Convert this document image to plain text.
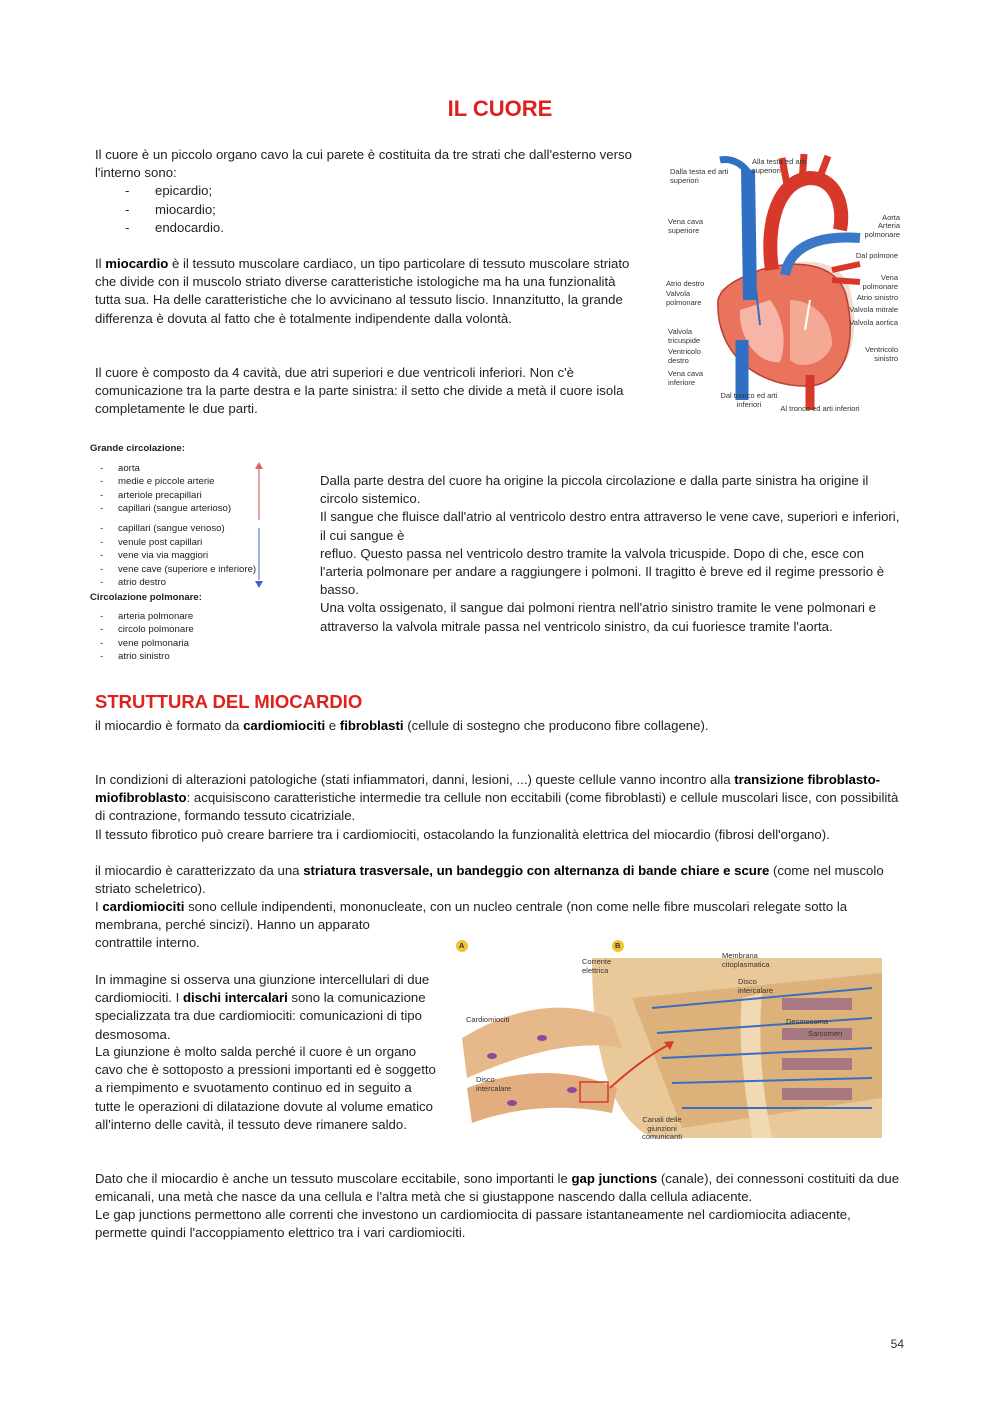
IL CUORE
Il cuore è un piccolo organo cavo la cui parete è costituita da tre strati che dall'esterno verso l'interno sono:
- epicardio;
- miocardio;
- endocardio.
Il miocardio è il tessuto muscolare cardiaco, un tipo particolare di tessuto muscolare striato che divide con il muscolo striato diverse caratteristiche istologiche ma ha una funzionalità tutta sua. Ha delle caratteristiche che lo avvicinano al tessuto liscio. Innanzitutto, la grande differenza è dovuta al fatto che è totalmente indipendente dalla volontà.
Il cuore è composto da 4 cavità, due atri superiori e due ventricoli inferiori. Non c'è comunicazione tra la parte destra e la parte sinistra: il setto che divide a metà il cuore isola completamente le due parti.
Dalla testa ed arti superiori
Alla testa ed arti superiori
Vena cava superiore
Aorta
Arteria polmonare
Dal polmone
Vena polmonare
Atrio destro
Atrio sinistro
Valvola polmonare
Valvola mitrale
Valvola aortica
Valvola tricuspide
Ventricolo destro
Ventricolo sinistro
Vena cava inferiore
Dal tronco ed arti inferiori	Al tronco ed arti inferiori
Grande circolazione:
- aorta
- medie e piccole arterie
- arteriole precapillari
- capillari (sangue arterioso)
- capillari (sangue venoso)
- venule post capillari
- vene via via maggiori
- vene cave (superiore e inferiore)
- atrio destro
Circolazione polmonare:
- arteria polmonare
- circolo polmonare
- vene polmonaria
- atrio sinistro
Dalla parte destra del cuore ha origine la piccola circolazione e dalla parte sinistra ha origine il circolo sistemico.
Il sangue che fluisce dall'atrio al ventricolo destro entra attraverso le vene cave, superiori e inferiori, il cui sangue è
refluo. Questo passa nel ventricolo destro tramite la valvola tricuspide. Dopo di che, esce con l'arteria polmonare per andare a raggiungere i polmoni. Il tragitto è breve ed il regime pressorio è basso.
Una volta ossigenato, il sangue dai polmoni rientra nell'atrio sinistro tramite le vene polmonari e attraverso la valvola mitrale passa nel ventricolo sinistro, da cui fuoriesce tramite l'aorta.
STRUTTURA DEL MIOCARDIO
il miocardio è formato da cardiomiociti e fibroblasti (cellule di sostegno che producono fibre collagene).
In condizioni di alterazioni patologiche (stati infiammatori, danni, lesioni, ...) queste cellule vanno incontro alla transizione fibroblasto-miofibroblasto: acquisiscono caratteristiche intermedie tra cellule non eccitabili (come fibroblasti) e cellule muscolari lisce, con possibilità di contrazione, formando tessuto cicatriziale.
Il tessuto fibrotico può creare barriere tra i cardiomiociti, ostacolando la funzionalità elettrica del miocardio (fibrosi dell'organo).
il miocardio è caratterizzato da una striatura trasversale, un bandeggio con alternanza di bande chiare e scure (come nel muscolo striato scheletrico).
I cardiomiociti sono cellule indipendenti, mononucleate, con un nucleo centrale (non come nelle fibre muscolari relegate sotto la
membrana, perché sincizi). Hanno un apparato
contrattile interno.
In immagine si osserva una giunzione intercellulari di due cardiomiociti. I dischi intercalari sono la comunicazione specializzata tra due cardiomiociti: comunicazioni di tipo desmosoma.
La giunzione è molto salda perché il cuore è un organo cavo che è sottoposto a pressioni importanti ed è soggetto a riempimento e svuotamento continuo ed in seguito a tutte le operazioni di dilatazione dovute al volume ematico all'interno delle cavità, il tessuto deve rimanere saldo.
A	B
Corrente elettrica
Membrana citoplasmatica
Disco intercalare
Cardiomiociti	Desmosoma
Sarcomeri
Disco intercalare
Canali delle giunzioni comunicanti
Dato che il miocardio è anche un tessuto muscolare eccitabile, sono importanti le gap junctions (canale), dei connessoni costituiti da due emicanali, una metà che nasce da una cellula e l'altra metà che si giustappone nascendo dalla cellula adiacente.
Le gap junctions permettono alle correnti che investono un cardiomiocita di passare istantaneamente nel cardiomiocita adiacente, permette quindi l'accoppiamento elettrico tra i vari cardiomiociti.
54
